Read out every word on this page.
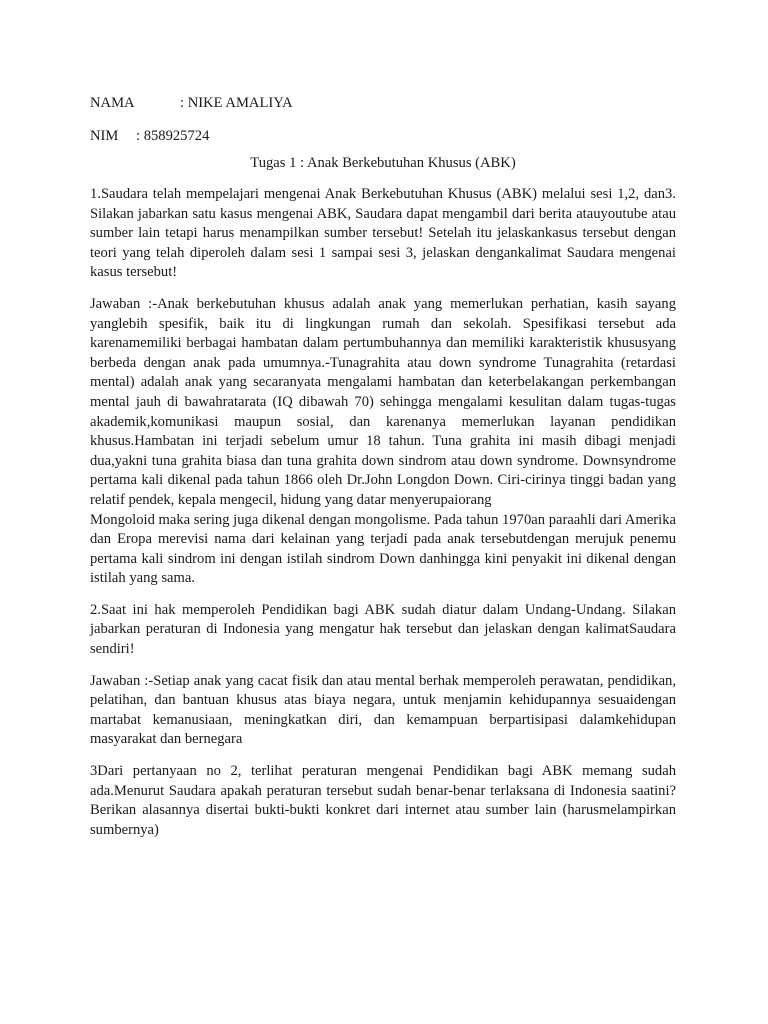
NAMA	: NIKE AMALIYA
NIM	: 858925724
Tugas 1 : Anak Berkebutuhan Khusus (ABK)

1.Saudara telah mempelajari mengenai Anak Berkebutuhan Khusus (ABK) melalui sesi 1,2, dan3. Silakan jabarkan satu kasus mengenai ABK, Saudara dapat mengambil dari berita atauyoutube atau sumber lain tetapi harus menampilkan sumber tersebut! Setelah itu jelaskankasus tersebut dengan teori yang telah diperoleh dalam sesi 1 sampai sesi 3, jelaskan dengankalimat Saudara mengenai kasus tersebut!

Jawaban :-Anak berkebutuhan khusus adalah anak yang memerlukan perhatian, kasih sayang yanglebih spesifik, baik itu di lingkungan rumah dan sekolah. Spesifikasi tersebut ada karenamemiliki berbagai hambatan dalam pertumbuhannya dan memiliki karakteristik khususyang berbeda dengan anak pada umumnya.-Tunagrahita atau down syndrome Tunagrahita (retardasi mental) adalah anak yang secaranyata mengalami hambatan dan keterbelakangan perkembangan mental jauh di bawahratarata (IQ dibawah 70) sehingga mengalami kesulitan dalam tugas-tugas akademik,komunikasi maupun sosial, dan karenanya memerlukan layanan pendidikan khusus.Hambatan ini terjadi sebelum umur 18 tahun. Tuna grahita ini masih dibagi menjadi dua,yakni tuna grahita biasa dan tuna grahita down sindrom atau down syndrome. Downsyndrome pertama kali dikenal pada tahun 1866 oleh Dr.John Longdon Down. Ciri-cirinya tinggi badan yang relatif pendek, kepala mengecil, hidung yang datar menyerupaiorang

Mongoloid maka sering juga dikenal dengan mongolisme. Pada tahun 1970an paraahli dari Amerika dan Eropa merevisi nama dari kelainan yang terjadi pada anak tersebutdengan merujuk penemu pertama kali sindrom ini dengan istilah sindrom Down danhingga kini penyakit ini dikenal dengan istilah yang sama.

2.Saat ini hak memperoleh Pendidikan bagi ABK sudah diatur dalam Undang-Undang. Silakan jabarkan peraturan di Indonesia yang mengatur hak tersebut dan jelaskan dengan kalimatSaudara sendiri!

Jawaban :-Setiap anak yang cacat fisik dan atau mental berhak memperoleh perawatan, pendidikan, pelatihan, dan bantuan khusus atas biaya negara, untuk menjamin kehidupannya sesuaidengan martabat kemanusiaan, meningkatkan diri, dan kemampuan berpartisipasi dalamkehidupan masyarakat dan bernegara

3Dari pertanyaan no 2, terlihat peraturan mengenai Pendidikan bagi ABK memang sudah ada.Menurut Saudara apakah peraturan tersebut sudah benar-benar terlaksana di Indonesia saatini? Berikan alasannya disertai bukti-bukti konkret dari internet atau sumber lain (harusmelampirkan sumbernya)
